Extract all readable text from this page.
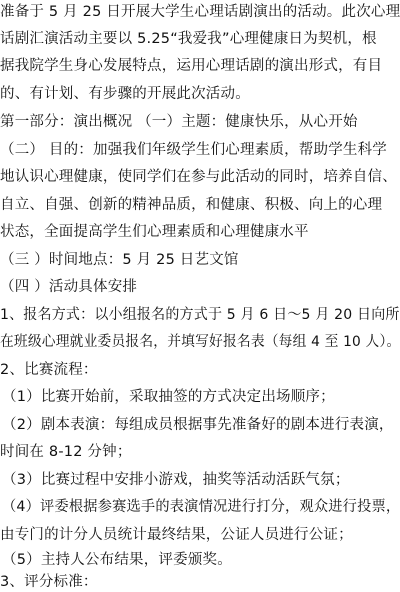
准备于 5 月 25 日开展大学生心理话剧演出的活动。此次心理
话剧汇演活动主要以 5.25“我爱我”心理健康日为契机，根
据我院学生身心发展特点，运用心理话剧的演出形式，有目
的、有计划、有步骤的开展此次活动。
第一部分：演出概况 （一）主题：健康快乐，从心开始
（二） 目的：加强我们年级学生们心理素质，帮助学生科学
地认识心理健康，使同学们在参与此活动的同时，培养自信、
自立、自强、创新的精神品质，和健康、积极、向上的心理
状态，全面提高学生们心理素质和心理健康水平
（三 ）时间地点：5 月 25 日艺文馆
（四 ）活动具体安排
1、报名方式：以小组报名的方式于 5 月 6 日～5 月 20 日向所
在班级心理就业委员报名，并填写好报名表（每组 4 至 10 人）。
2、比赛流程：
（1）比赛开始前，采取抽签的方式决定出场顺序；
（2）剧本表演：每组成员根据事先准备好的剧本进行表演，
时间在 8-12 分钟；
（3）比赛过程中安排小游戏，抽奖等活动活跃气氛；
（4）评委根据参赛选手的表演情况进行打分，观众进行投票，
由专门的计分人员统计最终结果，公证人员进行公证；
（5）主持人公布结果，评委颁奖。
3、评分标准：
